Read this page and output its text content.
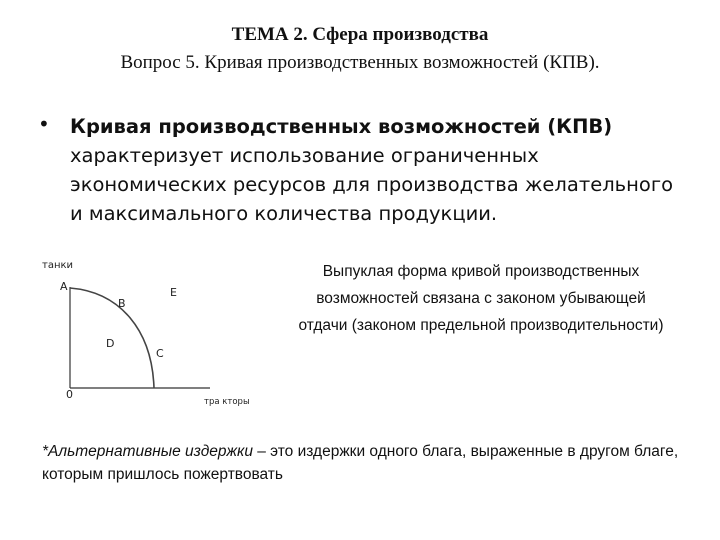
ТЕМА 2. Сфера производства
Вопрос 5. Кривая производственных возможностей (КПВ).
• Кривая производственных возможностей (КПВ)
характеризует использование ограниченных экономических ресурсов для производства желательного и максимального количества продукции.
танки
A
B
E
D
C
0
тра кторы
Выпуклая форма кривой производственных возможностей связана с законом убывающей отдачи (законом предельной производительности)
*Альтернативные издержки – это издержки одного блага, выраженные в другом благе, которым пришлось пожертвовать
